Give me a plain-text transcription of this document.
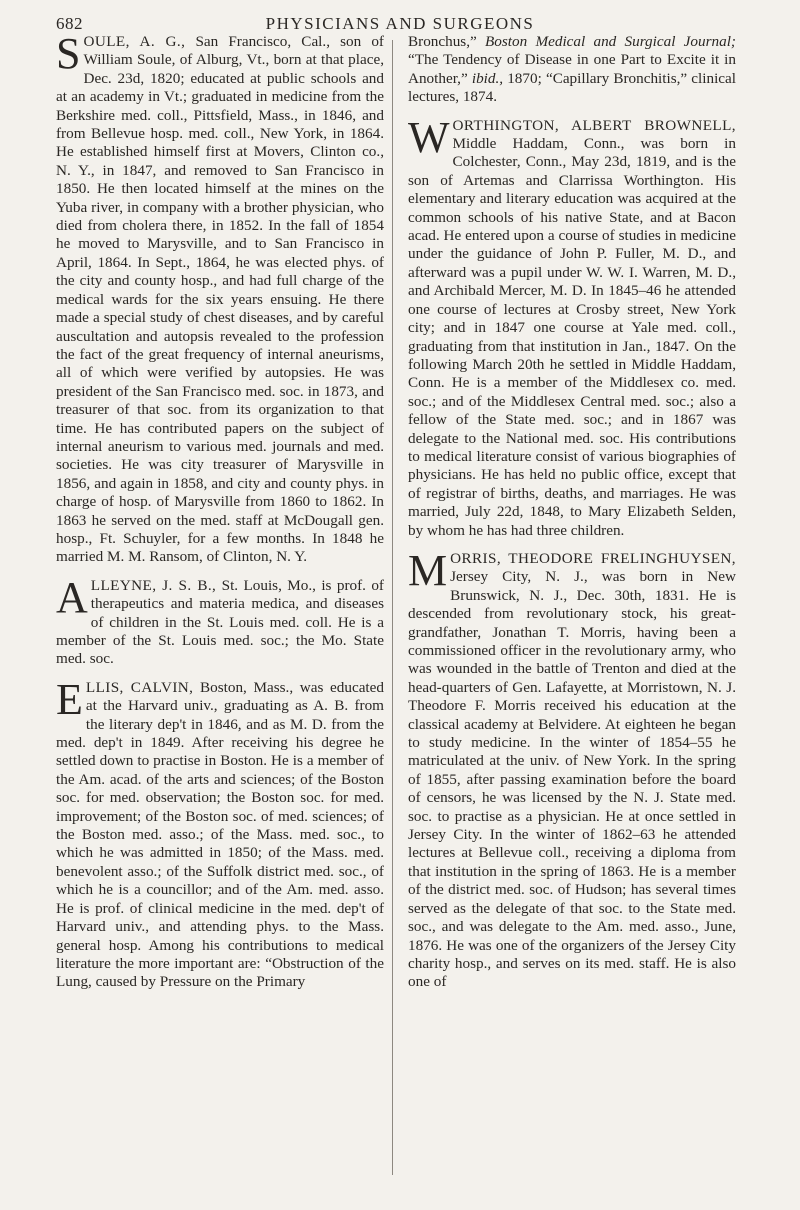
682	PHYSICIANS AND SURGEONS

SOULE, A. G., San Francisco, Cal., son of William Soule, of Alburg, Vt., born at that place, Dec. 23d, 1820; educated at public schools and at an academy in Vt.; graduated in medicine from the Berkshire med. coll., Pittsfield, Mass., in 1846, and from Bellevue hosp. med. coll., New York, in 1864. He established himself first at Movers, Clinton co., N. Y., in 1847, and removed to San Francisco in 1850. He then located himself at the mines on the Yuba river, in company with a brother physician, who died from cholera there, in 1852. In the fall of 1854 he moved to Marysville, and to San Francisco in April, 1864. In Sept., 1864, he was elected phys. of the city and county hosp., and had full charge of the medical wards for the six years ensuing. He there made a special study of chest diseases, and by careful auscultation and autopsis revealed to the profession the fact of the great frequency of internal aneurisms, all of which were verified by autopsies. He was president of the San Francisco med. soc. in 1873, and treasurer of that soc. from its organization to that time. He has contributed papers on the subject of internal aneurism to various med. journals and med. societies. He was city treasurer of Marysville in 1856, and again in 1858, and city and county phys. in charge of hosp. of Marysville from 1860 to 1862. In 1863 he served on the med. staff at McDougall gen. hosp., Ft. Schuyler, for a few months. In 1848 he married M. M. Ransom, of Clinton, N. Y.

ALLEYNE, J. S. B., St. Louis, Mo., is prof. of therapeutics and materia medica, and diseases of children in the St. Louis med. coll. He is a member of the St. Louis med. soc.; the Mo. State med. soc.

ELLIS, CALVIN, Boston, Mass., was educated at the Harvard univ., graduating as A. B. from the literary dep't in 1846, and as M. D. from the med. dep't in 1849. After receiving his degree he settled down to practise in Boston. He is a member of the Am. acad. of the arts and sciences; of the Boston soc. for med. observation; the Boston soc. for med. improvement; of the Boston soc. of med. sciences; of the Boston med. asso.; of the Mass. med. soc., to which he was admitted in 1850; of the Mass. med. benevolent asso.; of the Suffolk district med. soc., of which he is a councillor; and of the Am. med. asso. He is prof. of clinical medicine in the med. dep't of Harvard univ., and attending phys. to the Mass. general hosp. Among his contributions to medical literature the more important are: “Obstruction of the Lung, caused by Pressure on the Primary

Bronchus,” Boston Medical and Surgical Journal; “The Tendency of Disease in one Part to Excite it in Another,” ibid., 1870; “Capillary Bronchitis,” clinical lectures, 1874.

WORTHINGTON, ALBERT BROWNELL, Middle Haddam, Conn., was born in Colchester, Conn., May 23d, 1819, and is the son of Artemas and Clarrissa Worthington. His elementary and literary education was acquired at the common schools of his native State, and at Bacon acad. He entered upon a course of studies in medicine under the guidance of John P. Fuller, M. D., and afterward was a pupil under W. W. I. Warren, M. D., and Archibald Mercer, M. D. In 1845–46 he attended one course of lectures at Crosby street, New York city; and in 1847 one course at Yale med. coll., graduating from that institution in Jan., 1847. On the following March 20th he settled in Middle Haddam, Conn. He is a member of the Middlesex co. med. soc.; and of the Middlesex Central med. soc.; also a fellow of the State med. soc.; and in 1867 was delegate to the National med. soc. His contributions to medical literature consist of various biographies of physicians. He has held no public office, except that of registrar of births, deaths, and marriages. He was married, July 22d, 1848, to Mary Elizabeth Selden, by whom he has had three children.

MORRIS, THEODORE FRELINGHUYSEN, Jersey City, N. J., was born in New Brunswick, N. J., Dec. 30th, 1831. He is descended from revolutionary stock, his great-grandfather, Jonathan T. Morris, having been a commissioned officer in the revolutionary army, who was wounded in the battle of Trenton and died at the head-quarters of Gen. Lafayette, at Morristown, N. J. Theodore F. Morris received his education at the classical academy at Belvidere. At eighteen he began to study medicine. In the winter of 1854–55 he matriculated at the univ. of New York. In the spring of 1855, after passing examination before the board of censors, he was licensed by the N. J. State med. soc. to practise as a physician. He at once settled in Jersey City. In the winter of 1862–63 he attended lectures at Bellevue coll., receiving a diploma from that institution in the spring of 1863. He is a member of the district med. soc. of Hudson; has several times served as the delegate of that soc. to the State med. soc., and was delegate to the Am. med. asso., June, 1876. He was one of the organizers of the Jersey City charity hosp., and serves on its med. staff. He is also one of
